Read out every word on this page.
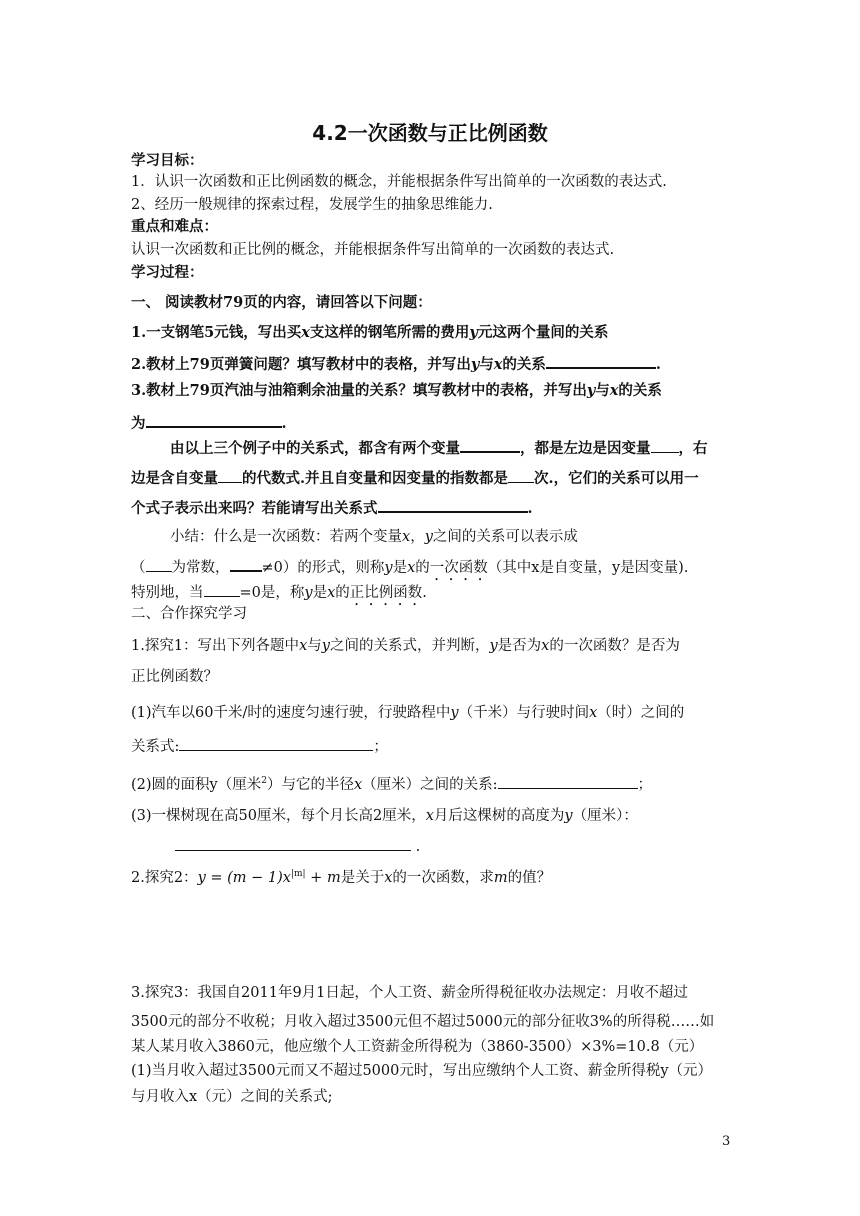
4.2一次函数与正比例函数
学习目标：
1．认识一次函数和正比例函数的概念，并能根据条件写出简单的一次函数的表达式.
2、经历一般规律的探索过程，发展学生的抽象思维能力.
重点和难点：
认识一次函数和正比例的概念，并能根据条件写出简单的一次函数的表达式.
学习过程：
一、 阅读教材79页的内容，请回答以下问题：
1.一支钢笔5元钱，写出买x支这样的钢笔所需的费用y元这两个量间的关系
2.教材上79页弹簧问题？填写教材中的表格，并写出y与x的关系	.
3.教材上79页汽油与油箱剩余油量的关系？填写教材中的表格，并写出y与x的关系
为	.
由以上三个例子中的关系式，都含有两个变量	，都是左边是因变量 ，右
边是含自变量 的代数式.并且自变量和因变量的指数都是 次.，它们的关系可以用一
个式子表示出来吗？若能请写出关系式	.
小结：什么是一次函数：若两个变量x，y之间的关系可以表示成
（ 为常数， ≠0）的形式，则称y是x的一次函数（其中x是自变量，y是因变量).
特别地，当 =0是，称y是x的正比例函数.
二、合作探究学习
1.探究1：写出下列各题中x与y之间的关系式，并判断，y是否为x的一次函数？是否为
正比例函数？
(1)汽车以60千米/时的速度匀速行驶，行驶路程中y（千米）与行驶时间x（时）之间的
关系式:	；
(2)圆的面积y（厘米$^2$）与它的半径x（厘米）之间的关系:	；
(3)一棵树现在高50厘米，每个月长高2厘米，x月后这棵树的高度为y（厘米）：
.
2.探究2：$y = (m - 1)x^{|m|} + m$是关于x的一次函数，求m的值？
3.探究3：我国自2011年9月1日起，个人工资、薪金所得税征收办法规定：月收不超过
3500元的部分不收税；月收入超过3500元但不超过5000元的部分征收3%的所得税……如
某人某月收入3860元，他应缴个人工资薪金所得税为（3860-3500）×3%=10.8（元）
(1)当月收入超过3500元而又不超过5000元时，写出应缴纳个人工资、薪金所得税y（元）
与月收入x（元）之间的关系式;
3
